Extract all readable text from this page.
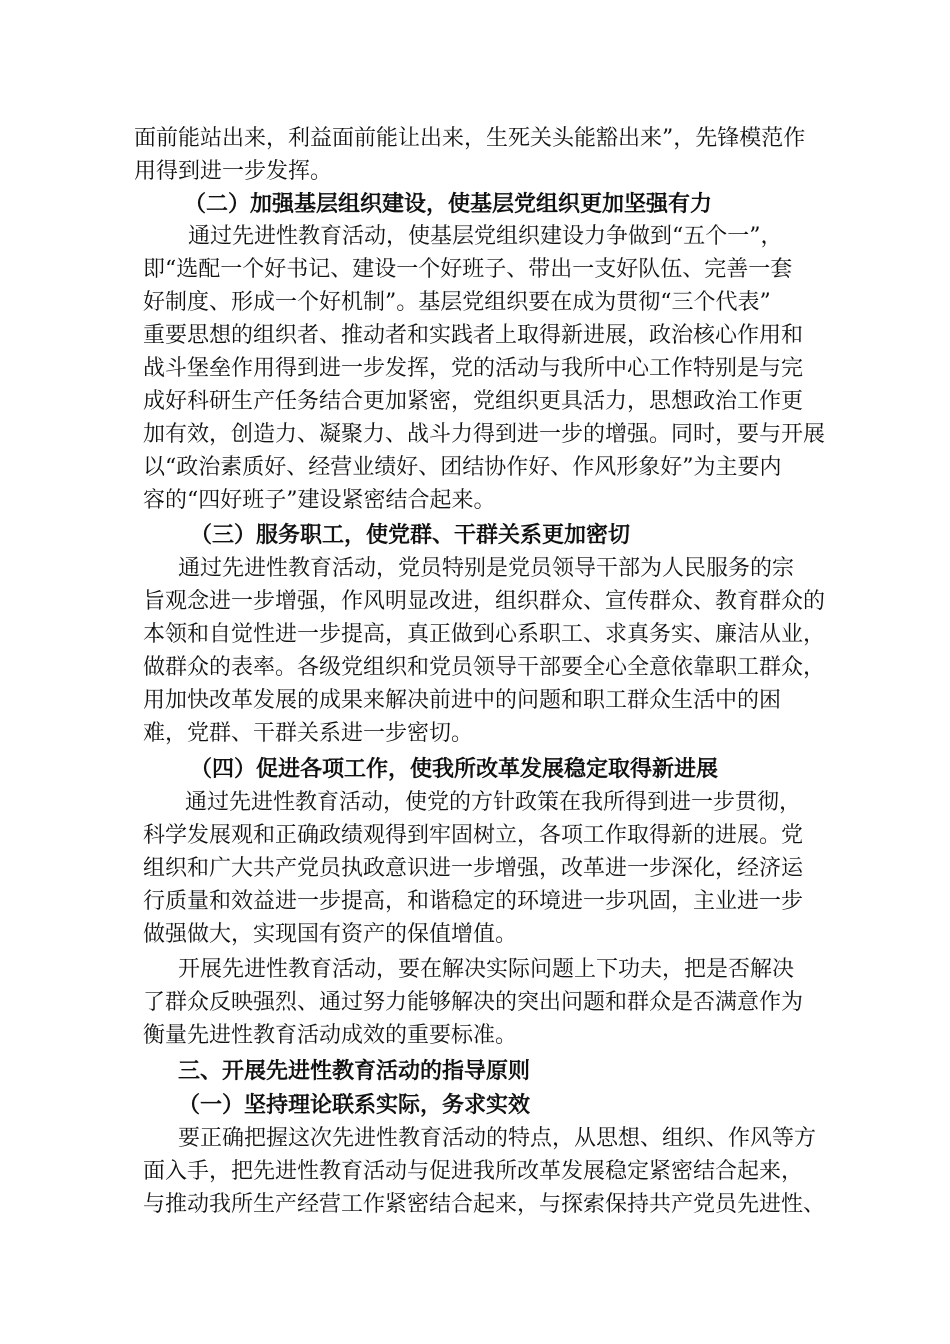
面前能站出来，利益面前能让出来，生死关头能豁出来”，先锋模范作

用得到进一步发挥。

（二）加强基层组织建设，使基层党组织更加坚强有力

通过先进性教育活动，使基层党组织建设力争做到“五个一”，

即“选配一个好书记、建设一个好班子、带出一支好队伍、完善一套

好制度、形成一个好机制”。基层党组织要在成为贯彻“三个代表”

重要思想的组织者、推动者和实践者上取得新进展，政治核心作用和

战斗堡垒作用得到进一步发挥，党的活动与我所中心工作特别是与完

成好科研生产任务结合更加紧密，党组织更具活力，思想政治工作更

加有效，创造力、凝聚力、战斗力得到进一步的增强。同时，要与开展

以“政治素质好、经营业绩好、团结协作好、作风形象好”为主要内

容的“四好班子”建设紧密结合起来。

（三）服务职工，使党群、干群关系更加密切

通过先进性教育活动，党员特别是党员领导干部为人民服务的宗

旨观念进一步增强，作风明显改进，组织群众、宣传群众、教育群众的

本领和自觉性进一步提高，真正做到心系职工、求真务实、廉洁从业，

做群众的表率。各级党组织和党员领导干部要全心全意依靠职工群众，

用加快改革发展的成果来解决前进中的问题和职工群众生活中的困

难，党群、干群关系进一步密切。

（四）促进各项工作，使我所改革发展稳定取得新进展

通过先进性教育活动，使党的方针政策在我所得到进一步贯彻，

科学发展观和正确政绩观得到牢固树立，各项工作取得新的进展。党

组织和广大共产党员执政意识进一步增强，改革进一步深化，经济运

行质量和效益进一步提高，和谐稳定的环境进一步巩固，主业进一步

做强做大，实现国有资产的保值增值。

开展先进性教育活动，要在解决实际问题上下功夫，把是否解决

了群众反映强烈、通过努力能够解决的突出问题和群众是否满意作为

衡量先进性教育活动成效的重要标准。

三、开展先进性教育活动的指导原则

（一）坚持理论联系实际，务求实效

要正确把握这次先进性教育活动的特点，从思想、组织、作风等方

面入手，把先进性教育活动与促进我所改革发展稳定紧密结合起来，

与推动我所生产经营工作紧密结合起来，与探索保持共产党员先进性、
